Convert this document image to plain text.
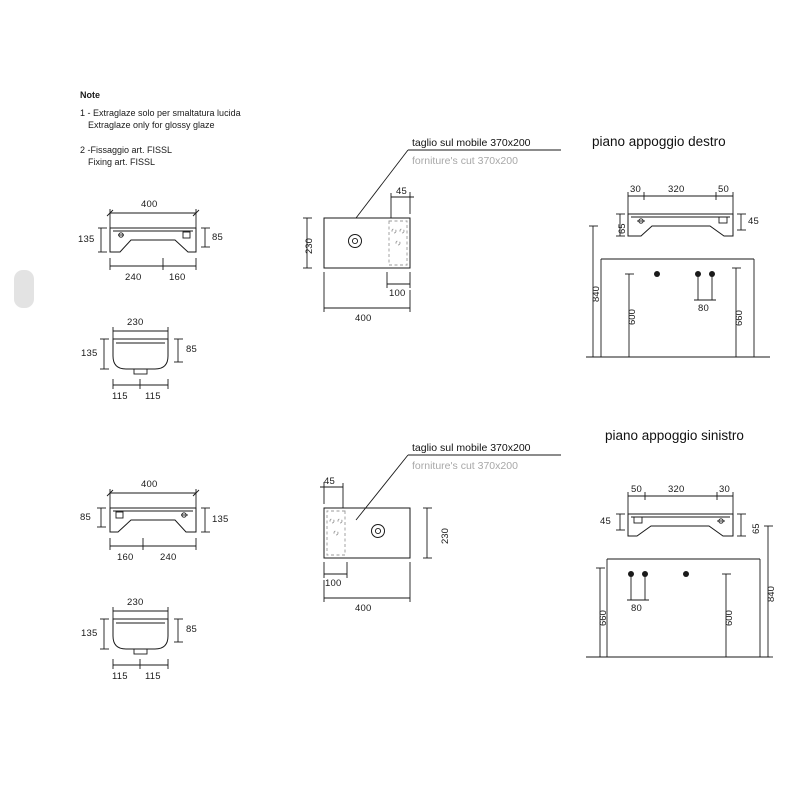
Note
1 - Extraglaze solo per smaltatura lucida
Extraglaze only for glossy glaze
2 -Fissaggio art. FISSL
Fixing art. FISSL
piano appoggio destro
piano appoggio sinistro
taglio sul mobile 370x200
forniture's cut 370x200
taglio sul mobile 370x200
forniture's cut 370x200
400
135	85
240	160
230
135	85
115 115
45
230
100
400
30	320	50
65
45
840
600	660
80
400
85	135
160	240
230
135	85
115 115
45
230
100
400
50	320	30
45
65
840
660	600
80
